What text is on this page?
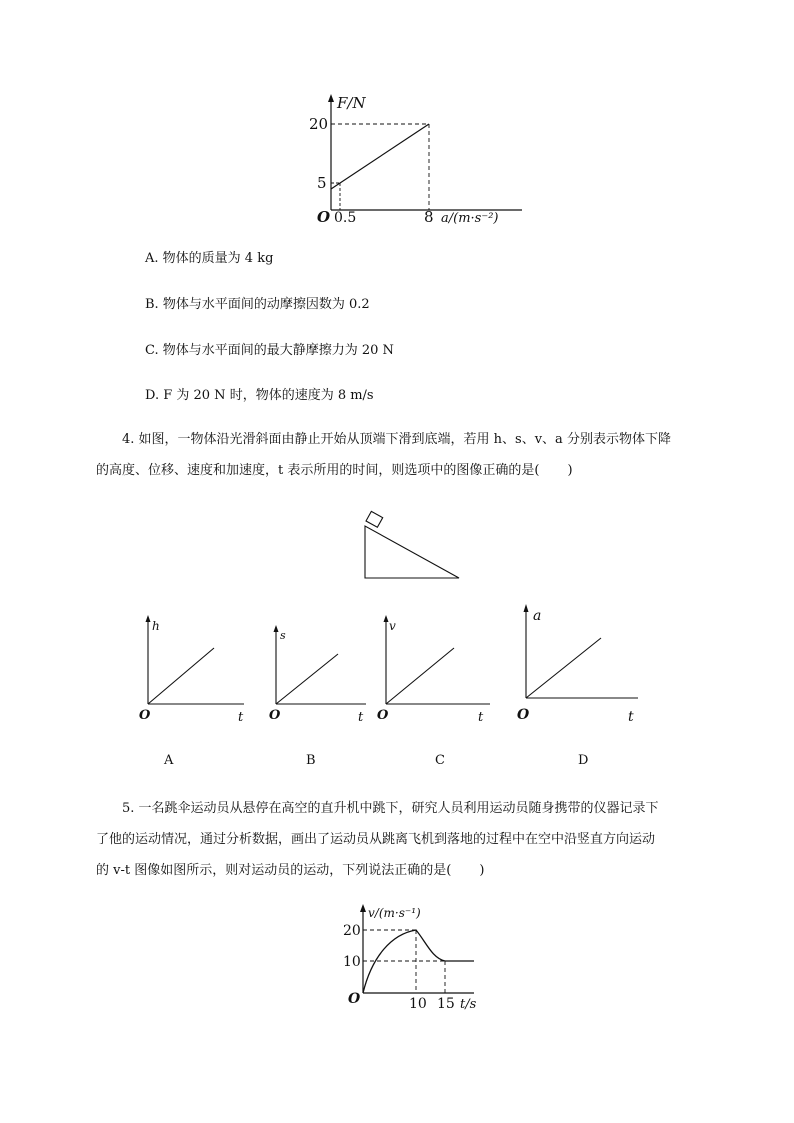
F/N
20
5
O 0.5	8 a/(m·s⁻²)
A. 物体的质量为 4 kg
B. 物体与水平面间的动摩擦因数为 0.2
C. 物体与水平面间的最大静摩擦力为 20 N
D. F 为 20 N 时，物体的速度为 8 m/s
4. 如图，一物体沿光滑斜面由静止开始从顶端下滑到底端，若用 h、s、v、a 分别表示物体下降
的高度、位移、速度和加速度，t 表示所用的时间，则选项中的图像正确的是( )
h
O	t
s
O	t
v
O	t
a
O	t
A	B	C	D
5. 一名跳伞运动员从悬停在高空的直升机中跳下，研究人员利用运动员随身携带的仪器记录下
了他的运动情况，通过分析数据，画出了运动员从跳离飞机到落地的过程中在空中沿竖直方向运动
的 v-t 图像如图所示，则对运动员的运动，下列说法正确的是( )
v/(m·s⁻¹)
20
10
O	10 15 t/s
